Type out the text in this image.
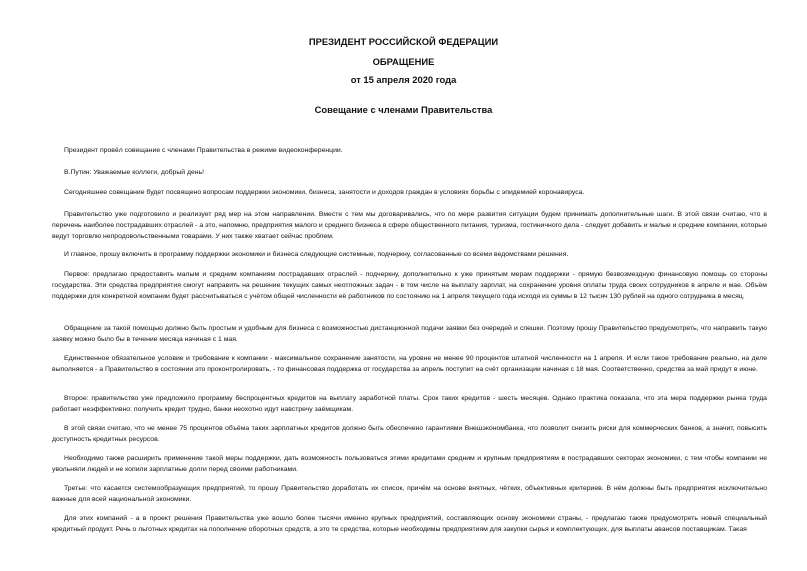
ПРЕЗИДЕНТ РОССИЙСКОЙ ФЕДЕРАЦИИ
ОБРАЩЕНИЕ
от 15 апреля 2020 года
Совещание с членами Правительства
Президент провёл совещание с членами Правительства в режиме видеоконференции.
В.Путин: Уважаемые коллеги, добрый день!
Сегодняшнее совещание будет посвящено вопросам поддержки экономики, бизнеса, занятости и доходов граждан в условиях борьбы с эпидемией коронавируса.
Правительство уже подготовило и реализует ряд мер на этом направлении. Вместе с тем мы договаривались, что по мере развития ситуации будем принимать дополнительные шаги. В этой связи считаю, что в перечень наиболее пострадавших отраслей - а это, напомню, предприятия малого и среднего бизнеса в сфере общественного питания, туризма, гостиничного дела - следует добавить и малые и средние компании, которые ведут торговлю непродовольственными товарами. У них также хватает сейчас проблем.
И главное, прошу включить в программу поддержки экономики и бизнеса следующие системные, подчеркну, согласованные со всеми ведомствами решения.
Первое: предлагаю предоставить малым и средним компаниям пострадавших отраслей - подчеркну, дополнительно к уже принятым мерам поддержки - прямую безвозмездную финансовую помощь со стороны государства. Эти средства предприятия смогут направить на решение текущих самых неотложных задач - в том числе на выплату зарплат, на сохранение уровня оплаты труда своих сотрудников в апреле и мае. Объём поддержки для конкретной компании будет рассчитываться с учётом общей численности её работников по состоянию на 1 апреля текущего года исходя из суммы в 12 тысяч 130 рублей на одного сотрудника в месяц.
Обращение за такой помощью должно быть простым и удобным для бизнеса с возможностью дистанционной подачи заявки без очередей и спешки. Поэтому прошу Правительство предусмотреть, что направить такую заявку можно было бы в течение месяца начиная с 1 мая.
Единственное обязательное условие и требование к компании - максимальное сохранение занятости, на уровне не менее 90 процентов штатной численности на 1 апреля. И если такое требование реально, на деле выполняется - а Правительство в состоянии это проконтролировать, - то финансовая поддержка от государства за апрель поступит на счёт организации начиная с 18 мая. Соответственно, средства за май придут в июне.
Второе: правительство уже предложило программу беспроцентных кредитов на выплату заработной платы. Срок таких кредитов - шесть месяцев. Однако практика показала, что эта мера поддержки рынка труда работает неэффективно: получить кредит трудно, банки неохотно идут навстречу заёмщикам.
В этой связи считаю, что не менее 75 процентов объёма таких зарплатных кредитов должно быть обеспечено гарантиями Внешэкономбанка, что позволит снизить риски для коммерческих банков, а значит, повысить доступность кредитных ресурсов.
Необходимо также расширить применение такой меры поддержки, дать возможность пользоваться этими кредитами средним и крупным предприятиям в пострадавших секторах экономики, с тем чтобы компании не увольняли людей и не копили зарплатные долги перед своими работниками.
Третье: что касается системообразующих предприятий, то прошу Правительство доработать их список, причём на основе внятных, чётких, объективных критериев. В нём должны быть предприятия исключительно важные для всей национальной экономики.
Для этих компаний - а в проект решения Правительства уже вошло более тысячи именно крупных предприятий, составляющих основу экономики страны, - предлагаю также предусмотреть новый специальный кредитный продукт. Речь о льготных кредитах на пополнение оборотных средств, а это те средства, которые необходимы предприятиям для закупки сырья и комплектующих, для выплаты авансов поставщикам. Такая
